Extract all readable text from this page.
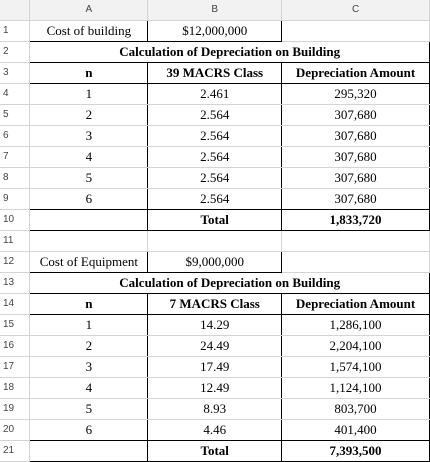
	A	B	C
1	Cost of building	$12,000,000	
2	Calculation of Depreciation on Building		
3	n	39 MACRS Class	Depreciation Amount
4	1	2.461	295,320
5	2	2.564	307,680
6	3	2.564	307,680
7	4	2.564	307,680
8	5	2.564	307,680
9	6	2.564	307,680
10		Total	1,833,720
11			
12	Cost of Equipment	$9,000,000	
13	Calculation of Depreciation on Building		
14	n	7 MACRS Class	Depreciation Amount
15	1	14.29	1,286,100
16	2	24.49	2,204,100
17	3	17.49	1,574,100
18	4	12.49	1,124,100
19	5	8.93	803,700
20	6	4.46	401,400
21		Total	7,393,500
